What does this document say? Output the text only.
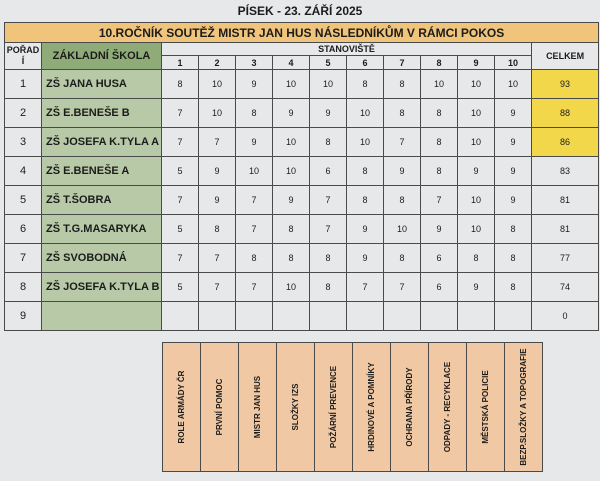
PÍSEK - 23. ZÁŘÍ 2025
10.ROČNÍK SOUTĚŽ MISTR JAN HUS NÁSLEDNÍKŮM V RÁMCI POKOS												

POŘAD Í	ZÁKLADNÍ ŠKOLA	STANOVIŠTĚ										CELKEM
		1	2	3	4	5	6	7	8	9	10	
1	ZŠ JANA HUSA	8	10	9	10	10	8	8	10	10	10	93
2	ZŠ E.BENEŠE B	7	10	8	9	9	10	8	8	10	9	88
3	ZŠ JOSEFA K.TYLA A	7	7	9	10	8	10	7	8	10	9	86
4	ZŠ E.BENEŠE A	5	9	10	10	6	8	9	8	9	9	83
5	ZŠ T.ŠOBRA	7	9	7	9	7	8	8	7	10	9	81
6	ZŠ T.G.MASARYKA	5	8	7	8	7	9	10	9	10	8	81
7	ZŠ SVOBODNÁ	7	7	8	8	8	9	8	6	8	8	77
8	ZŠ JOSEFA K.TYLA B	5	7	7	10	8	7	7	6	9	8	74
9												0
ROLE ARMÁDY ČR	PRVNÍ POMOC	MISTR JAN HUS	SLOŽKY IZS	POŽÁRNÍ PREVENCE	HRDINOVÉ A POMNÍKY	OCHRANA PŘÍRODY	ODPADY - RECYKLACE	MĚSTSKÁ POLICIE	BEZP.SLOŽKY A TOPOGRAFIE
